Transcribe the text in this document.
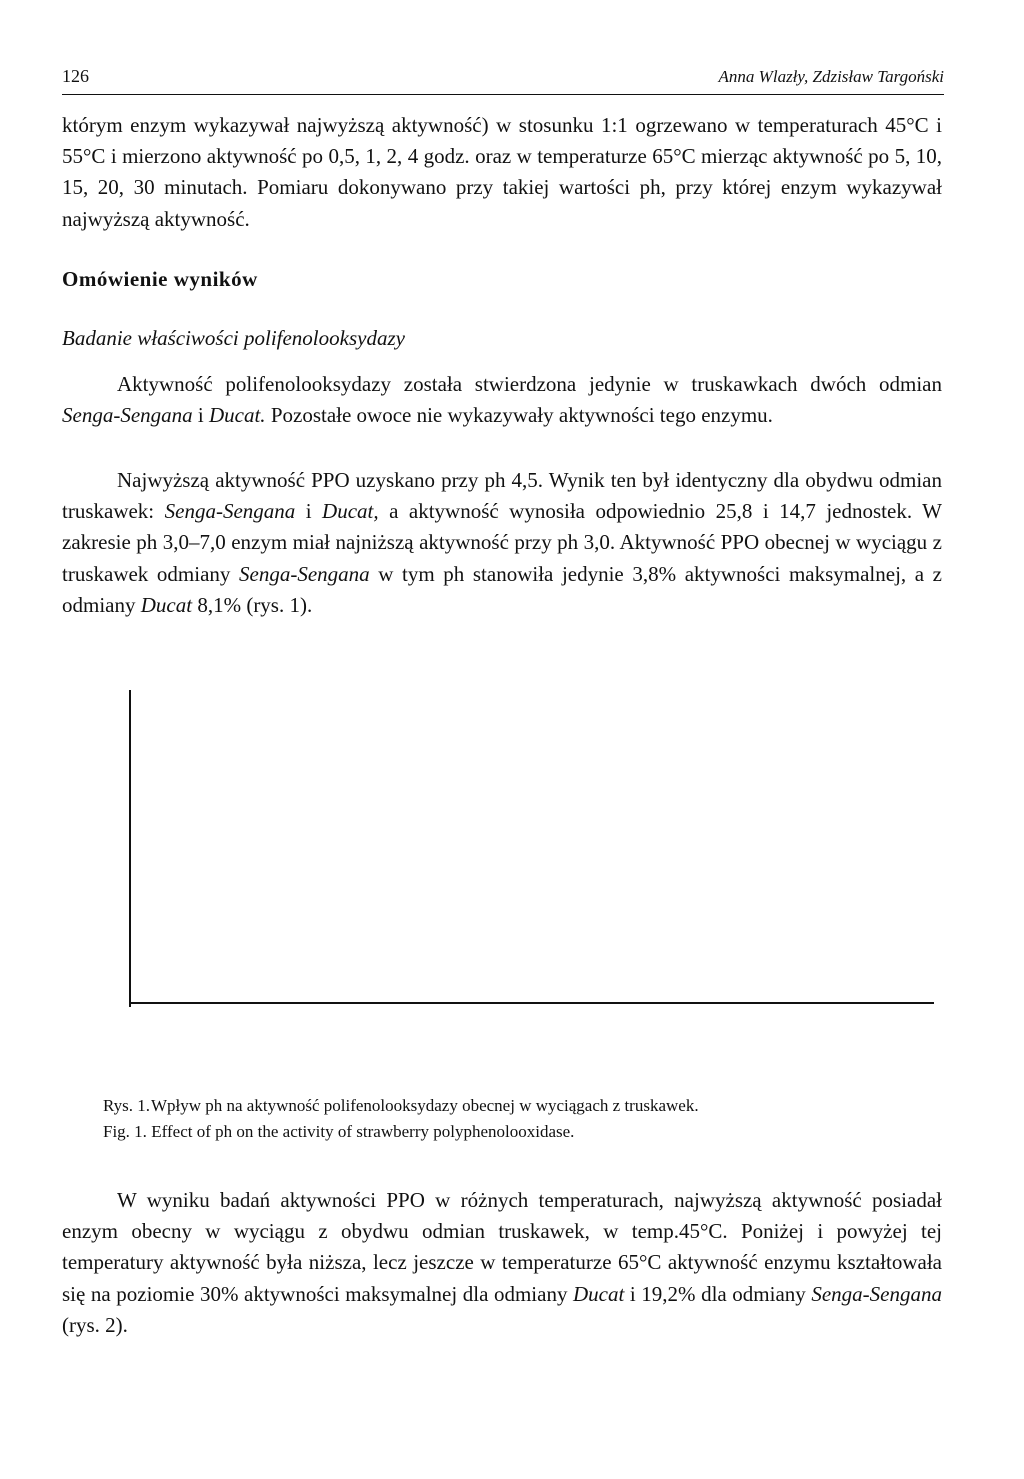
126	Anna Wlazły, Zdzisław Targoński

którym enzym wykazywał najwyższą aktywność) w stosunku 1:1 ogrzewano w temperaturach 45°C i 55°C i mierzono aktywność po 0,5, 1, 2, 4 godz. oraz w temperaturze 65°C mierząc aktywność po 5, 10, 15, 20, 30 minutach. Pomiaru dokonywano przy takiej wartości ph, przy której enzym wykazywał najwyższą aktywność.

Omówienie wyników
Badanie właściwości polifenolooksydazy

Aktywność polifenolooksydazy została stwierdzona jedynie w truskawkach dwóch odmian Senga-Sengana i Ducat. Pozostałe owoce nie wykazywały aktywności tego enzymu.

Najwyższą aktywność PPO uzyskano przy ph 4,5. Wynik ten był identyczny dla obydwu odmian truskawek: Senga-Sengana i Ducat, a aktywność wynosiła odpowiednio 25,8 i 14,7 jednostek. W zakresie ph 3,0–7,0 enzym miał najniższą aktywność przy ph 3,0. Aktywność PPO obecnej w wyciągu z truskawek odmiany Senga-Sengana w tym ph stanowiła jedynie 3,8% aktywności maksymalnej, a z odmiany Ducat 8,1% (rys. 1).

Rys. 1. Wpływ ph na aktywność polifenolooksydazy obecnej w wyciągach z truskawek.
Fig. 1. Effect of ph on the activity of strawberry polyphenolooxidase.

W wyniku badań aktywności PPO w różnych temperaturach, najwyższą aktywność posiadał enzym obecny w wyciągu z obydwu odmian truskawek, w temp.45°C. Poniżej i powyżej tej temperatury aktywność była niższa, lecz jeszcze w temperaturze 65°C aktywność enzymu kształtowała się na poziomie 30% aktywności maksymalnej dla odmiany Ducat i 19,2% dla odmiany Senga-Sengana (rys. 2).
